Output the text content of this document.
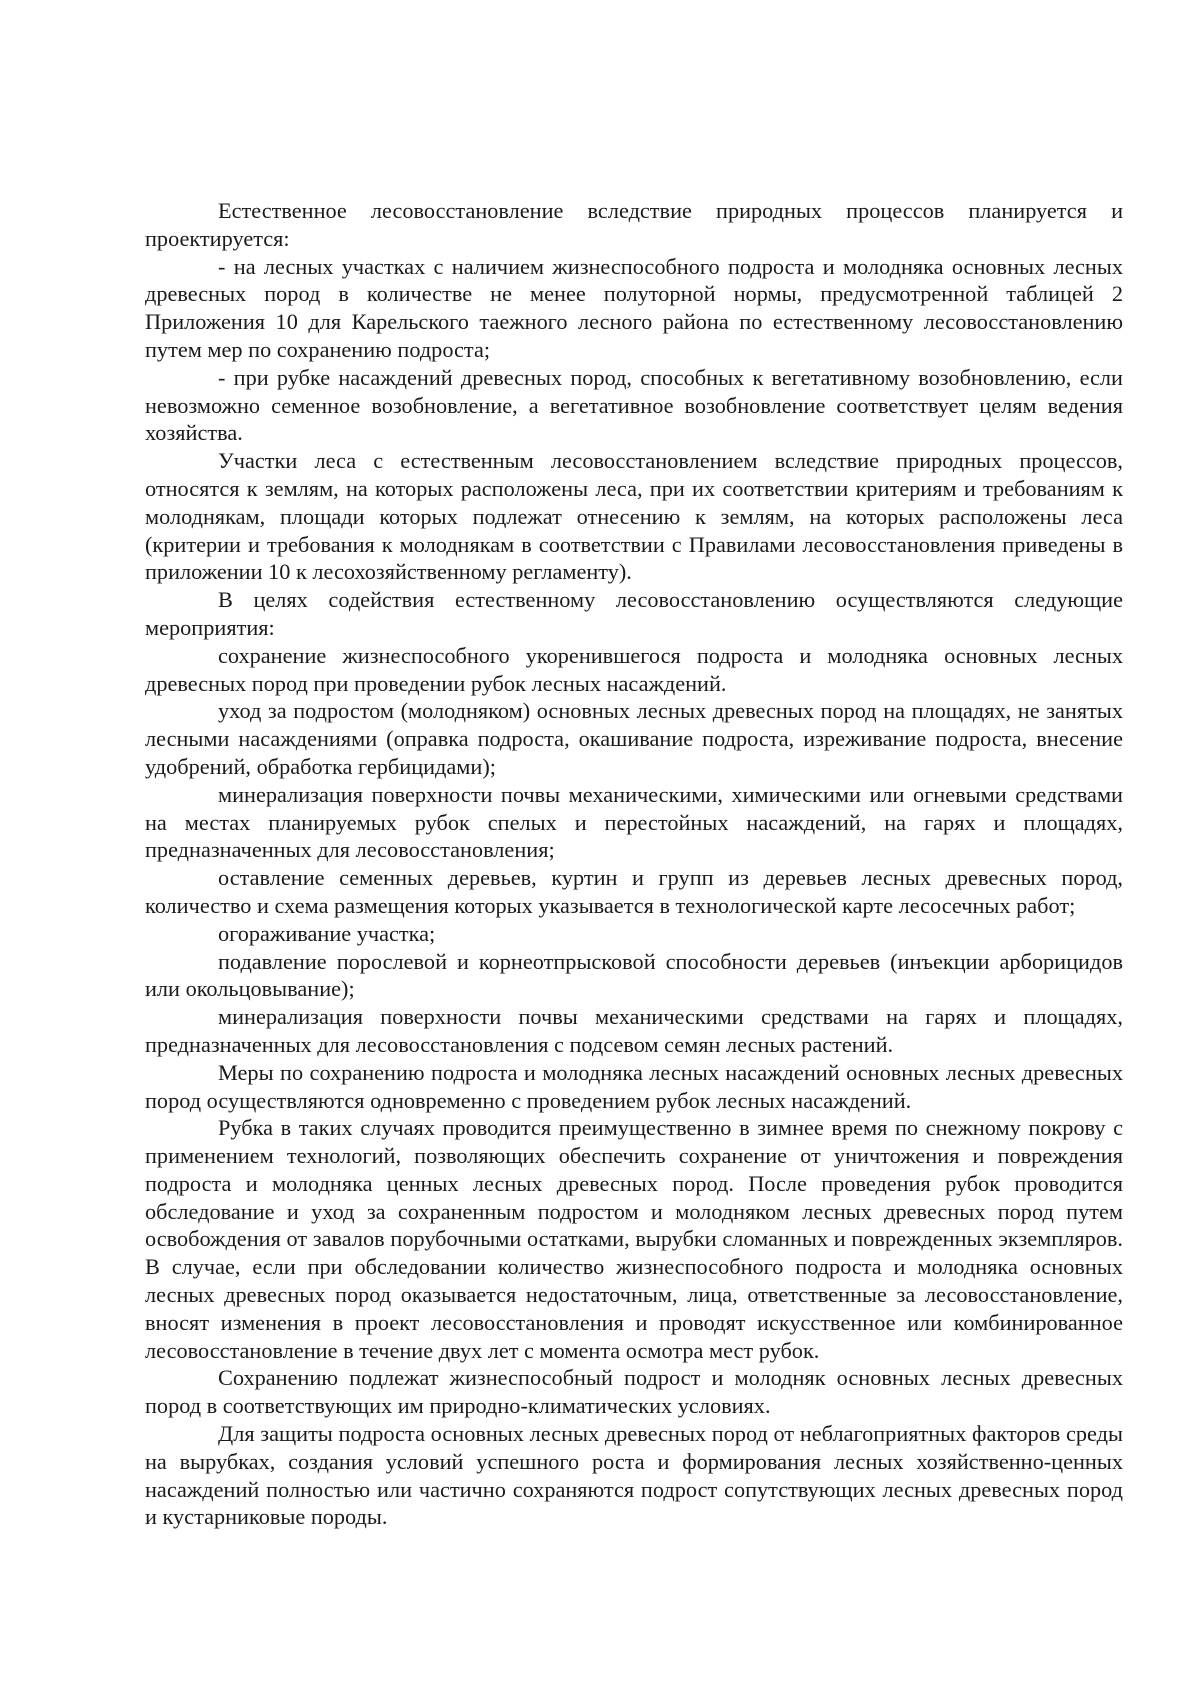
Естественное лесовосстановление вследствие природных процессов планируется и проектируется:

- на лесных участках с наличием жизнеспособного подроста и молодняка основных лесных древесных пород в количестве не менее полуторной нормы, предусмотренной таблицей 2 Приложения 10 для Карельского таежного лесного района по естественному лесовосстановлению путем мер по сохранению подроста;

- при рубке насаждений древесных пород, способных к вегетативному возобновлению, если невозможно семенное возобновление, а вегетативное возобновление соответствует целям ведения хозяйства.

Участки леса с естественным лесовосстановлением вследствие природных процессов, относятся к землям, на которых расположены леса, при их соответствии критериям и требованиям к молоднякам, площади которых подлежат отнесению к землям, на которых расположены леса (критерии и требования к молоднякам в соответствии с Правилами лесовосстановления приведены в приложении 10 к лесохозяйственному регламенту).

В целях содействия естественному лесовосстановлению осуществляются следующие мероприятия:

сохранение жизнеспособного укоренившегося подроста и молодняка основных лесных древесных пород при проведении рубок лесных насаждений.

уход за подростом (молодняком) основных лесных древесных пород на площадях, не занятых лесными насаждениями (оправка подроста, окашивание подроста, изреживание подроста, внесение удобрений, обработка гербицидами);

минерализация поверхности почвы механическими, химическими или огневыми средствами на местах планируемых рубок спелых и перестойных насаждений, на гарях и площадях, предназначенных для лесовосстановления;

оставление семенных деревьев, куртин и групп из деревьев лесных древесных пород, количество и схема размещения которых указывается в технологической карте лесосечных работ;

огораживание участка;

подавление порослевой и корнеотпрысковой способности деревьев (инъекции арборицидов или окольцовывание);

минерализация поверхности почвы механическими средствами на гарях и площадях, предназначенных для лесовосстановления с подсевом семян лесных растений.

Меры по сохранению подроста и молодняка лесных насаждений основных лесных древесных пород осуществляются одновременно с проведением рубок лесных насаждений.

Рубка в таких случаях проводится преимущественно в зимнее время по снежному покрову с применением технологий, позволяющих обеспечить сохранение от уничтожения и повреждения подроста и молодняка ценных лесных древесных пород. После проведения рубок проводится обследование и уход за сохраненным подростом и молодняком лесных древесных пород путем освобождения от завалов порубочными остатками, вырубки сломанных и поврежденных экземпляров. В случае, если при обследовании количество жизнеспособного подроста и молодняка основных лесных древесных пород оказывается недостаточным, лица, ответственные за лесовосстановление, вносят изменения в проект лесовосстановления и проводят искусственное или комбинированное лесовосстановление в течение двух лет с момента осмотра мест рубок.

Сохранению подлежат жизнеспособный подрост и молодняк основных лесных древесных пород в соответствующих им природно-климатических условиях.

Для защиты подроста основных лесных древесных пород от неблагоприятных факторов среды на вырубках, создания условий успешного роста и формирования лесных хозяйственно-ценных насаждений полностью или частично сохраняются подрост сопутствующих лесных древесных пород и кустарниковые породы.
